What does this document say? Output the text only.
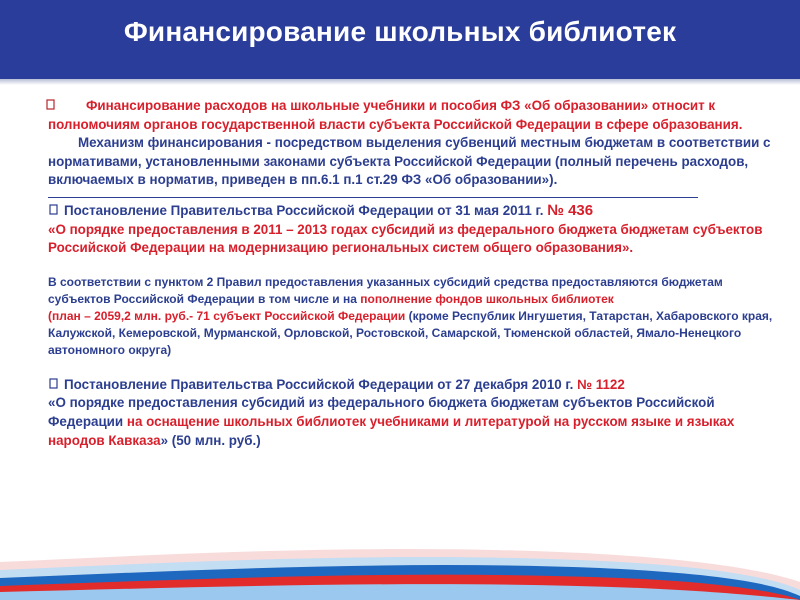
Финансирование школьных библиотек
Финансирование расходов на школьные учебники и пособия ФЗ «Об образовании» относит к полномочиям органов государственной власти субъекта Российской Федерации в сфере образования.
Механизм финансирования - посредством выделения субвенций местным бюджетам в соответствии с нормативами, установленными законами субъекта Российской Федерации (полный перечень расходов, включаемых в норматив, приведен в пп.6.1 п.1 ст.29 ФЗ «Об образовании»).
Постановление Правительства Российской Федерации от 31 мая 2011 г. № 436
«О порядке предоставления в 2011 – 2013 годах субсидий из федерального бюджета бюджетам субъектов Российской Федерации на модернизацию региональных систем общего образования».
В соответствии с пунктом 2 Правил предоставления указанных субсидий средства предоставляются бюджетам субъектов Российской Федерации в том числе и на пополнение фондов школьных библиотек
(план – 2059,2 млн. руб.- 71 субъект Российской Федерации (кроме Республик Ингушетия, Татарстан, Хабаровского края, Калужской, Кемеровской, Мурманской, Орловской, Ростовской, Самарской, Тюменской областей, Ямало-Ненецкого автономного округа)
Постановление Правительства Российской Федерации от 27 декабря 2010 г. № 1122
«О порядке предоставления субсидий из федерального бюджета бюджетам субъектов Российской Федерации на оснащение школьных библиотек учебниками и литературой на русском языке и языках народов Кавказа» (50 млн. руб.)
